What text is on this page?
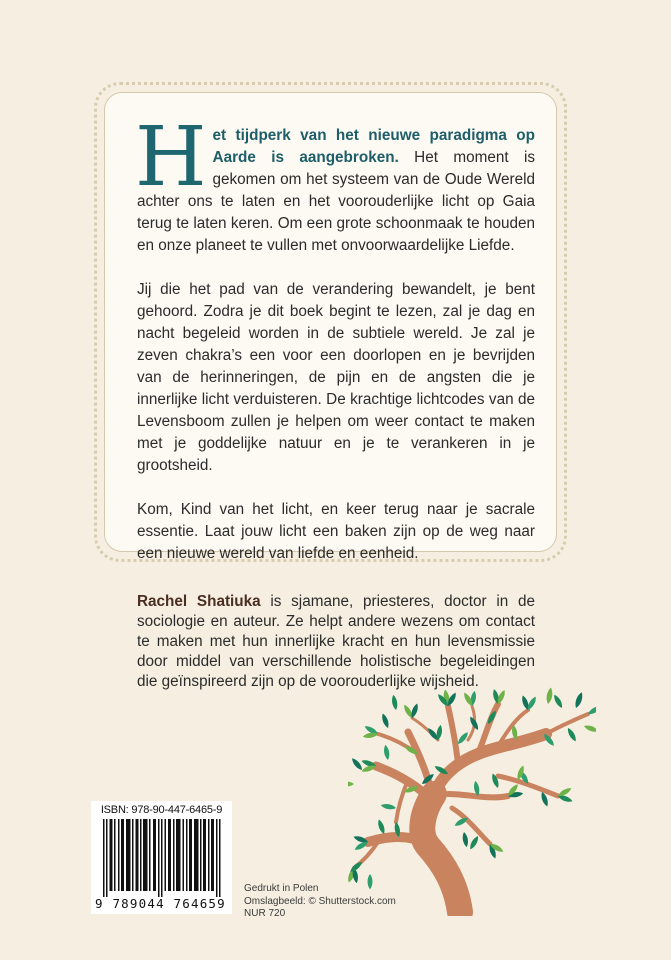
Het tijdperk van het nieuwe paradigma op Aarde is aangebroken. Het moment is gekomen om het systeem van de Oude Wereld achter ons te laten en het voorouderlijke licht op Gaia terug te laten keren. Om een grote schoonmaak te houden en onze planeet te vullen met onvoorwaardelijke Liefde.

Jij die het pad van de verandering bewandelt, je bent gehoord. Zodra je dit boek begint te lezen, zal je dag en nacht begeleid worden in de subtiele wereld. Je zal je zeven chakra’s een voor een doorlopen en je bevrijden van de herinneringen, de pijn en de angsten die je innerlijke licht verduisteren. De krachtige lichtcodes van de Levensboom zullen je helpen om weer contact te maken met je goddelijke natuur en je te verankeren in je grootsheid.

Kom, Kind van het licht, en keer terug naar je sacrale essentie. Laat jouw licht een baken zijn op de weg naar een nieuwe wereld van liefde en eenheid.

Rachel Shatiuka is sjamane, priesteres, doctor in de sociologie en auteur. Ze helpt andere wezens om contact te maken met hun innerlijke kracht en hun levensmissie door middel van verschillende holistische begeleidingen die geïnspireerd zijn op de voorouderlijke wijsheid.
ISBN: 978-90-447-6465-9
9 789044 764659
Gedrukt in Polen
Omslagbeeld: © Shutterstock.com
NUR 720
